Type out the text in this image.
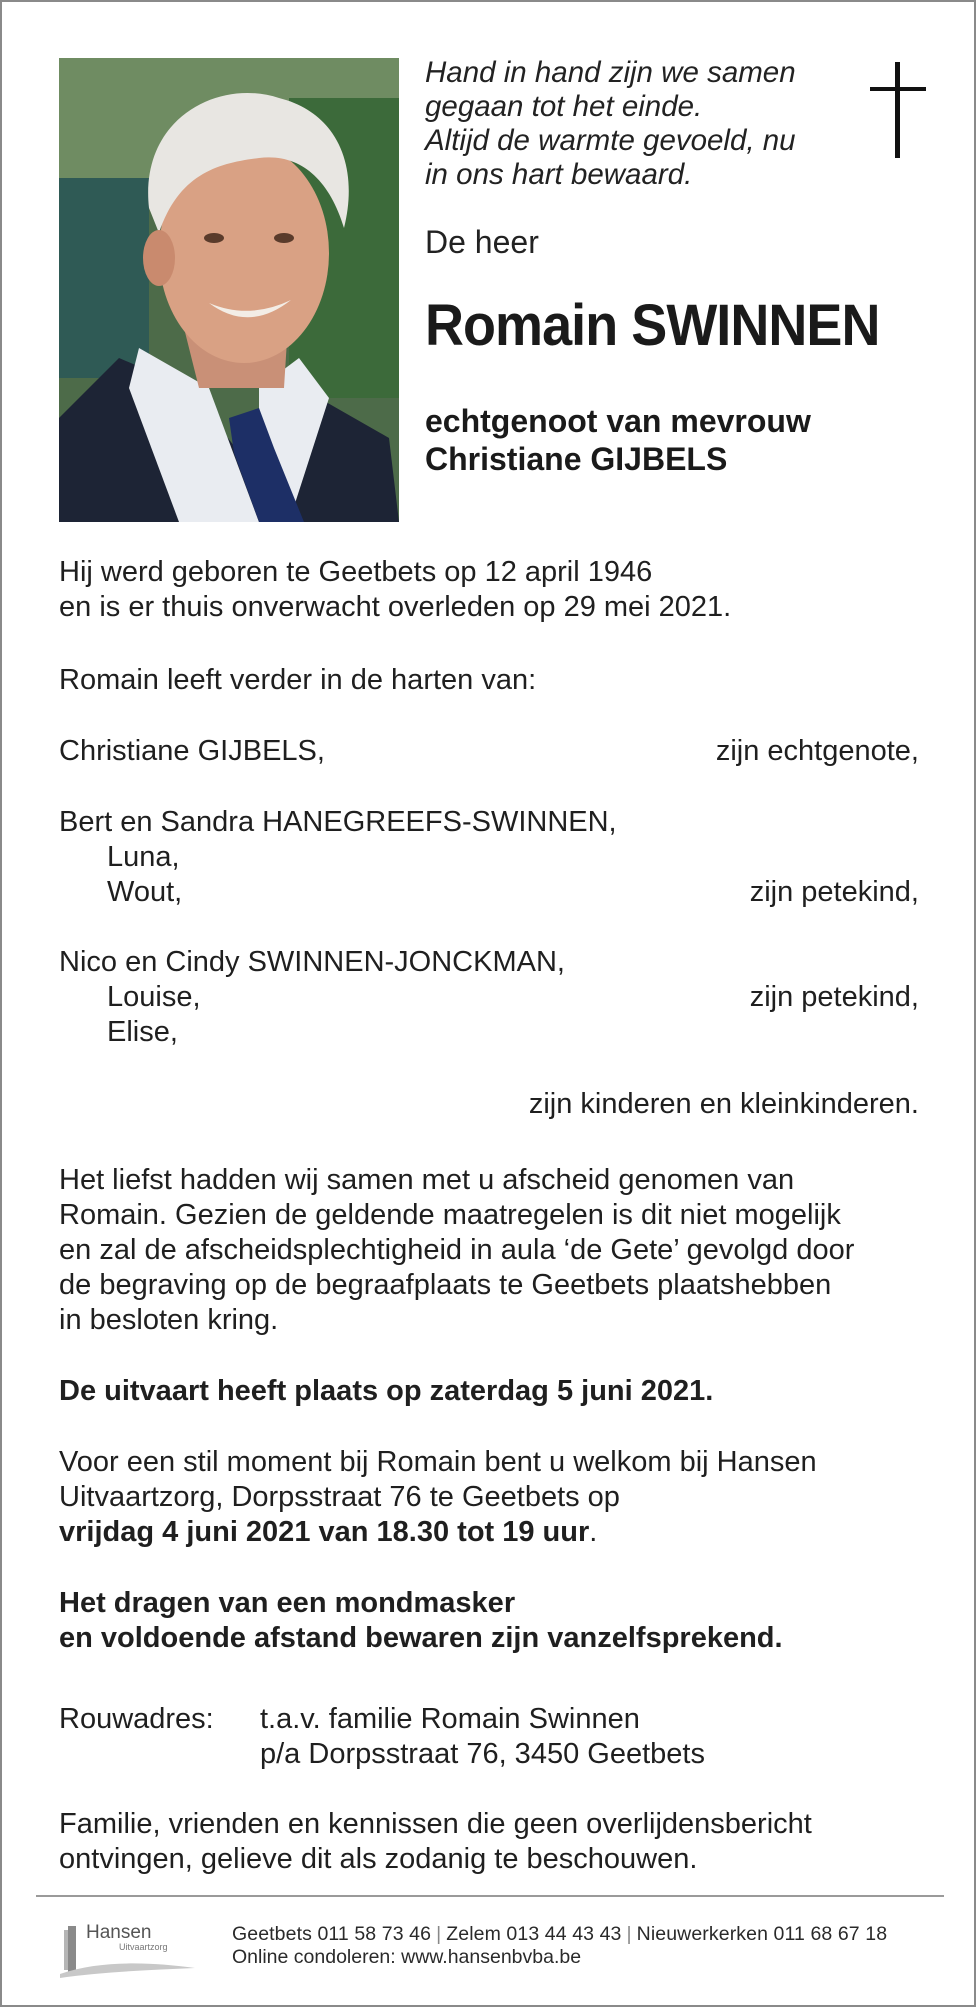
Hand in hand zijn we samen
gegaan tot het einde.
Altijd de warmte gevoeld, nu
in ons hart bewaard.
De heer
Romain SWINNEN
echtgenoot van mevrouw
Christiane GIJBELS
Hij werd geboren te Geetbets op 12 april 1946
en is er thuis onverwacht overleden op 29 mei 2021.
Romain leeft verder in de harten van:
Christiane GIJBELS,	zijn echtgenote,
Bert en Sandra HANEGREEFS-SWINNEN,
Luna,
Wout,	zijn petekind,
Nico en Cindy SWINNEN-JONCKMAN,
Louise,	zijn petekind,
Elise,
zijn kinderen en kleinkinderen.
Het liefst hadden wij samen met u afscheid genomen van
Romain. Gezien de geldende maatregelen is dit niet mogelijk
en zal de afscheidsplechtigheid in aula ‘de Gete’ gevolgd door
de begraving op de begraafplaats te Geetbets plaatshebben
in besloten kring.
De uitvaart heeft plaats op zaterdag 5 juni 2021.
Voor een stil moment bij Romain bent u welkom bij Hansen
Uitvaartzorg, Dorpsstraat 76 te Geetbets op
vrijdag 4 juni 2021 van 18.30 tot 19 uur.
Het dragen van een mondmasker
en voldoende afstand bewaren zijn vanzelfsprekend.
Rouwadres: t.a.v. familie Romain Swinnen
p/a Dorpsstraat 76, 3450 Geetbets
Familie, vrienden en kennissen die geen overlijdensbericht
ontvingen, gelieve dit als zodanig te beschouwen.
Hansen
Uitvaartzorg
Geetbets 011 58 73 46 | Zelem 013 44 43 43 | Nieuwerkerken 011 68 67 18
Online condoleren: www.hansenbvba.be
